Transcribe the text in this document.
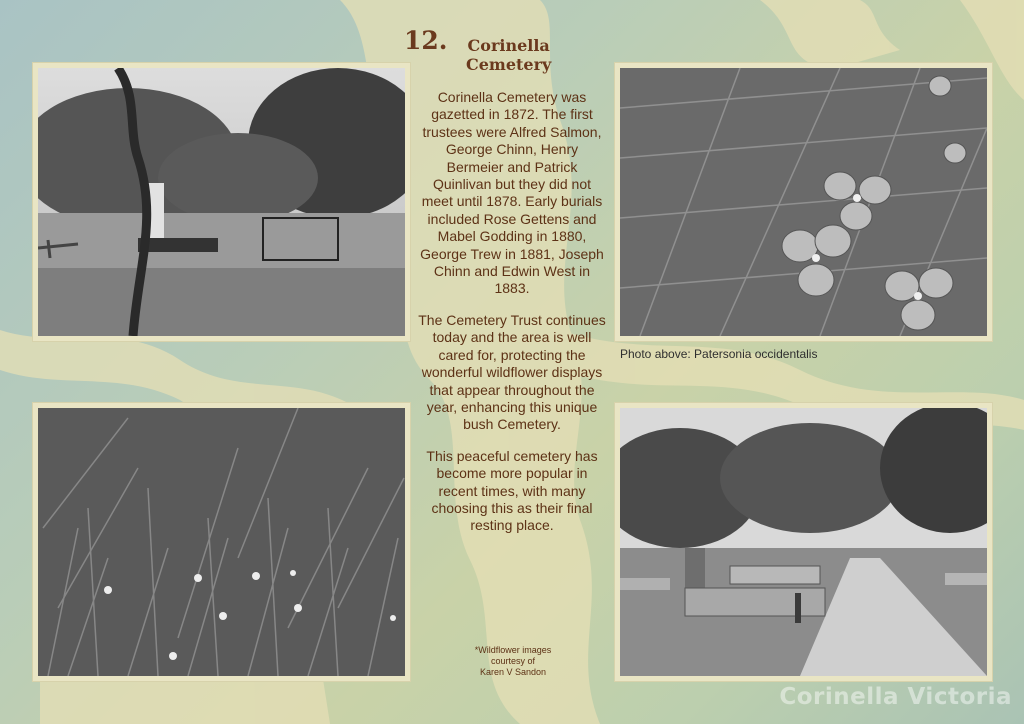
12. Corinella
Cemetery

Corinella Cemetery was gazetted in 1872. The first trustees were Alfred Salmon, George Chinn, Henry Bermeier and Patrick Quinlivan but they did not meet until 1878. Early burials included Rose Gettens and Mabel Godding in 1880, George Trew in 1881, Joseph Chinn and Edwin West in 1883.

The Cemetery Trust continues today and the area is well cared for, protecting the wonderful wildflower displays that appear throughout the year, enhancing this unique bush Cemetery.

This peaceful cemetery has become more popular in recent times, with many choosing this as their final resting place.

*Wildflower images
courtesy of
Karen V Sandon
Photo above: Patersonia occidentalis
Corinella Victoria
